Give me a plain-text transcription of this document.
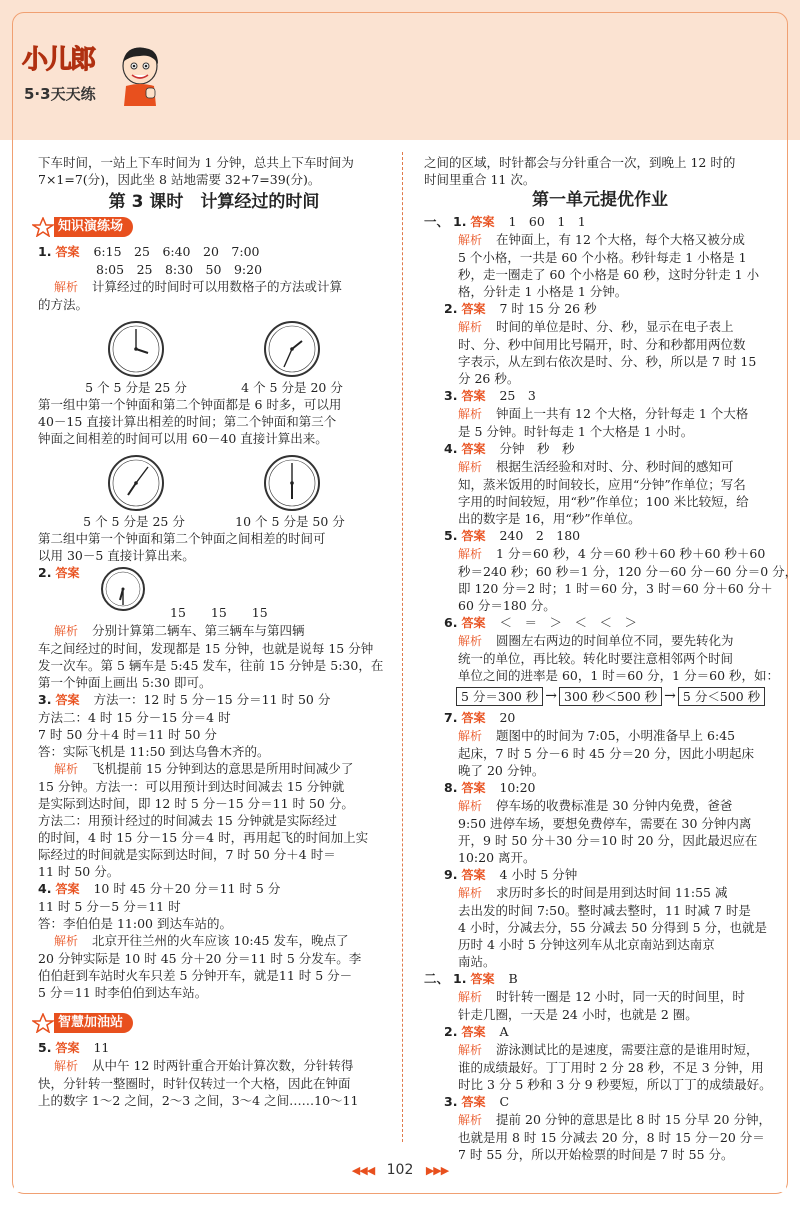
小儿郎
5·3天天练
下车时间，一站上下车时间为 1 分钟，总共上下车时间为
7×1=7(分)，因此坐 8 站地需要 32+7=39(分)。
第 3 课时　计算经过的时间
知识演练场
1. 答案 6:15　25　6:40　20　7:00
8:05　25　8:30　50　9:20
解析 计算经过的时间时可以用数格子的方法或计算
的方法。
5 个 5 分是 25 分	4 个 5 分是 20 分
第一组中第一个钟面和第二个钟面都是 6 时多，可以用
40－15 直接计算出相差的时间；第二个钟面和第三个
钟面之间相差的时间可以用 60－40 直接计算出来。
5 个 5 分是 25 分	10 个 5 分是 50 分
第二组中第一个钟面和第二个钟面之间相差的时间可
以用 30－5 直接计算出来。
2. 答案
15　　15　　15
解析 分别计算第二辆车、第三辆车与第四辆
车之间经过的时间，发现都是 15 分钟，也就是说每 15 分钟
发一次车。第 5 辆车是 5:45 发车，往前 15 分钟是 5:30，在
第一个钟面上画出 5:30 即可。
3. 答案 方法一：12 时 5 分－15 分＝11 时 50 分
方法二：4 时 15 分－15 分＝4 时
7 时 50 分＋4 时＝11 时 50 分
答：实际飞机是 11:50 到达乌鲁木齐的。
解析 飞机提前 15 分钟到达的意思是所用时间减少了
15 分钟。方法一：可以用预计到达时间减去 15 分钟就
是实际到达时间，即 12 时 5 分－15 分＝11 时 50 分。
方法二：用预计经过的时间减去 15 分钟就是实际经过
的时间，4 时 15 分－15 分＝4 时，再用起飞的时间加上实
际经过的时间就是实际到达时间，7 时 50 分＋4 时＝
11 时 50 分。
4. 答案 10 时 45 分＋20 分＝11 时 5 分
11 时 5 分－5 分＝11 时
答：李伯伯是 11:00 到达车站的。
解析 北京开往兰州的火车应该 10:45 发车，晚点了
20 分钟实际是 10 时 45 分＋20 分＝11 时 5 分发车。李
伯伯赶到车站时火车只差 5 分钟开车，就是11 时 5 分－
5 分＝11 时李伯伯到达车站。
智慧加油站
5. 答案 11
解析 从中午 12 时两针重合开始计算次数，分针转得
快，分针转一整圈时，时针仅转过一个大格，因此在钟面
上的数字 1～2 之间，2～3 之间，3～4 之间……10～11
之间的区域，时针都会与分针重合一次，到晚上 12 时的
时间里重合 11 次。
第一单元提优作业
一、 1. 答案 1　60　1　1
解析 在钟面上，有 12 个大格，每个大格又被分成
5 个小格，一共是 60 个小格。秒针每走 1 小格是 1
秒，走一圈走了 60 个小格是 60 秒，这时分针走 1 小
格，分针走 1 小格是 1 分钟。
2. 答案 7 时 15 分 26 秒
解析 时间的单位是时、分、秒，显示在电子表上
时、分、秒中间用比号隔开，时、分和秒都用两位数
字表示，从左到右依次是时、分、秒，所以是 7 时 15
分 26 秒。
3. 答案 25　3
解析 钟面上一共有 12 个大格，分针每走 1 个大格
是 5 分钟。时针每走 1 个大格是 1 小时。
4. 答案 分钟　秒　秒
解析 根据生活经验和对时、分、秒时间的感知可
知，蒸米饭用的时间较长，应用“分钟”作单位；写名
字用的时间较短，用“秒”作单位；100 米比较短，给
出的数字是 16，用“秒”作单位。
5. 答案 240　2　180
解析 1 分＝60 秒，4 分＝60 秒＋60 秒＋60 秒＋60
秒＝240 秒；60 秒＝1 分，120 分－60 分－60 分＝0 分，
即 120 分＝2 时；1 时＝60 分，3 时＝60 分＋60 分＋
60 分＝180 分。
6. 答案 ＜　＝　＞　＜　＜　＞
解析 圆圈左右两边的时间单位不同，要先转化为
统一的单位，再比较。转化时要注意相邻两个时间
单位之间的进率是 60，1 时＝60 分，1 分＝60 秒，如：
5 分＝300 秒 → 300 秒＜500 秒 → 5 分＜500 秒
7. 答案 20
解析 题图中的时间为 7:05，小明准备早上 6:45
起床，7 时 5 分－6 时 45 分＝20 分，因此小明起床
晚了 20 分钟。
8. 答案 10:20
解析 停车场的收费标准是 30 分钟内免费，爸爸
9:50 进停车场，要想免费停车，需要在 30 分钟内离
开，9 时 50 分＋30 分＝10 时 20 分，因此最迟应在
10:20 离开。
9. 答案 4 小时 5 分钟
解析 求历时多长的时间是用到达时间 11:55 减
去出发的时间 7:50。整时减去整时，11 时减 7 时是
4 小时，分减去分，55 分减去 50 分得到 5 分，也就是
历时 4 小时 5 分钟这列车从北京南站到达南京
南站。
二、 1. 答案 B
解析 时针转一圈是 12 小时，同一天的时间里，时
针走几圈，一天是 24 小时，也就是 2 圈。
2. 答案 A
解析 游泳测试比的是速度，需要注意的是谁用时短，
谁的成绩最好。丁丁用时 2 分 28 秒，不足 3 分钟，用
时比 3 分 5 秒和 3 分 9 秒要短，所以丁丁的成绩最好。
3. 答案 C
解析 提前 20 分钟的意思是比 8 时 15 分早 20 分钟，
也就是用 8 时 15 分减去 20 分，8 时 15 分－20 分＝
7 时 55 分，所以开始检票的时间是 7 时 55 分。
◀◀◀ 102 ▶▶▶
